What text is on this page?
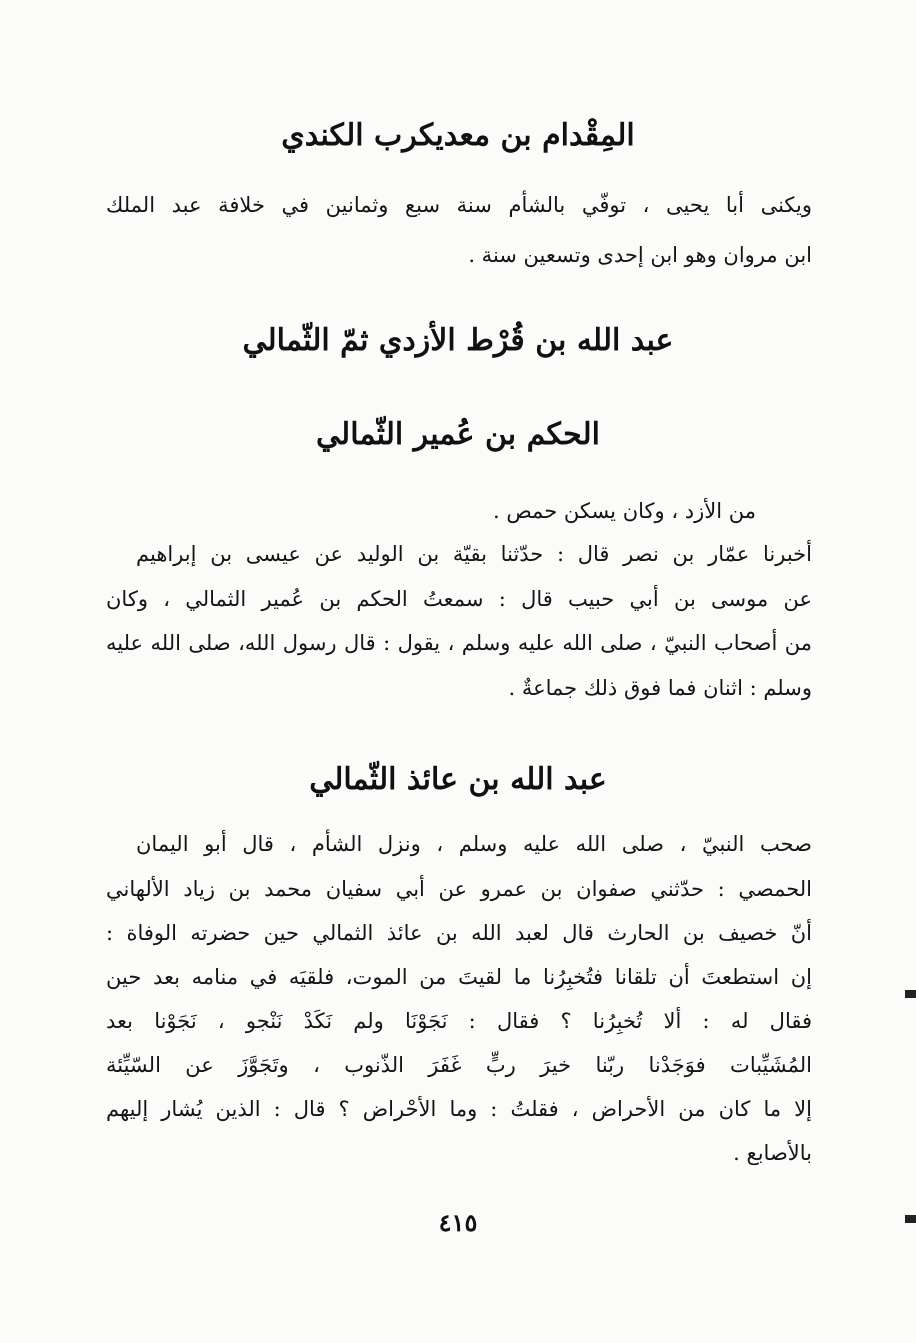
المِقْدام بن معديكرب الكندي
ويكنى أبا يحيى ، توفّي بالشأم سنة سبع وثمانين في خلافة عبد الملك
ابن مروان وهو ابن إحدى وتسعين سنة .
عبد الله بن قُرْط الأزدي ثمّ الثّمالي
الحكم بن عُمير الثّمالي
من الأزد ، وكان يسكن حمص .
أخبرنا عمّار بن نصر قال : حدّثنا بقيّة بن الوليد عن عيسى بن إبراهيم
عن موسى بن أبي حبيب قال : سمعتُ الحكم بن عُمير الثمالي ، وكان
من أصحاب النبيّ ، صلى الله عليه وسلم ، يقول : قال رسول الله، صلى الله عليه
وسلم : اثنان فما فوق ذلك جماعةٌ .
عبد الله بن عائذ الثّمالي
صحب النبيّ ، صلى الله عليه وسلم ، ونزل الشأم ، قال أبو اليمان
الحمصي : حدّثني صفوان بن عمرو عن أبي سفيان محمد بن زياد الألهاني
أنّ خصيف بن الحارث قال لعبد الله بن عائذ الثمالي حين حضرته الوفاة :
إن استطعتَ أن تلقانا فتُخبِرُنا ما لقيتَ من الموت، فلقيَه في منامه بعد حين
فقال له : ألا تُخبِرُنا ؟ فقال : نَجَوْنَا ولم نَكَدْ نَنْجو ، نَجَوْنا بعد
المُشَيِّبات فوَجَدْنا ربّنا خيرَ ربٍّ غَفَرَ الذّنوب ، وتَجَوَّزَ عن السّيِّئة
إلا ما كان من الأحراض ، فقلتُ : وما الأحْراض ؟ قال : الذين يُشار إليهم
بالأصابع .
٤١٥
